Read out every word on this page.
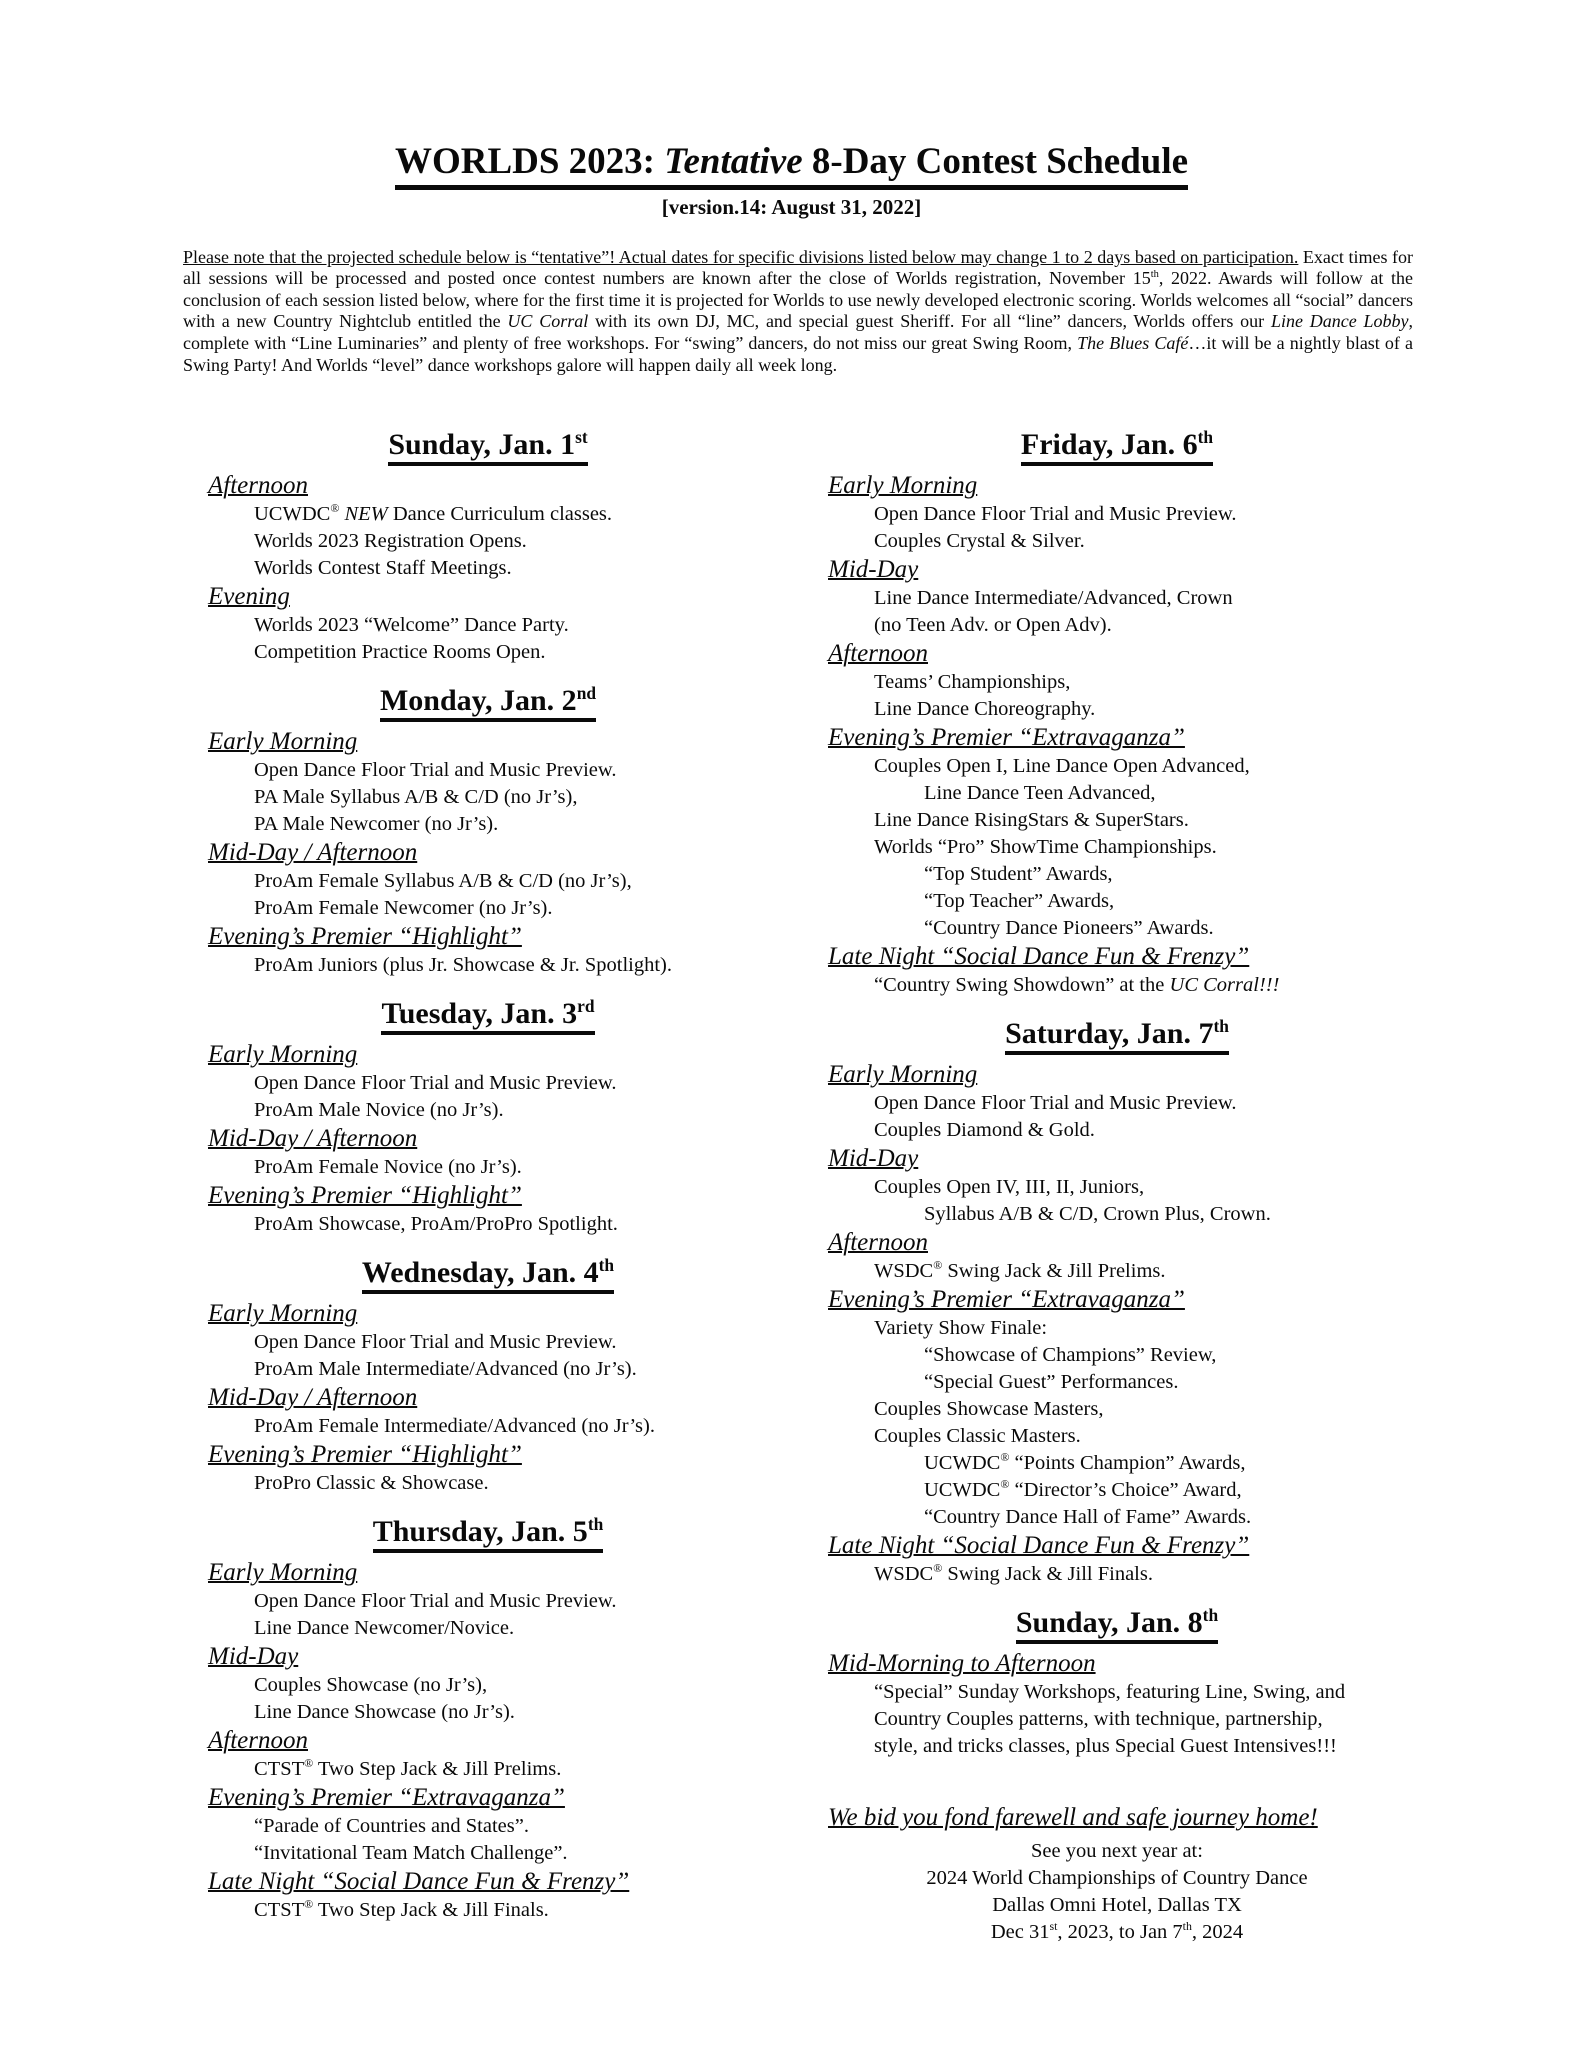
WORLDS 2023: Tentative 8-Day Contest Schedule
[version.14: August 31, 2022]

Please note that the projected schedule below is “tentative”! Actual dates for specific divisions listed below may change 1 to 2 days based on participation. Exact times for all sessions will be processed and posted once contest numbers are known after the close of Worlds registration, November 15th, 2022. Awards will follow at the conclusion of each session listed below, where for the first time it is projected for Worlds to use newly developed electronic scoring. Worlds welcomes all “social” dancers with a new Country Nightclub entitled the UC Corral with its own DJ, MC, and special guest Sheriff. For all “line” dancers, Worlds offers our Line Dance Lobby, complete with “Line Luminaries” and plenty of free workshops. For “swing” dancers, do not miss our great Swing Room, The Blues Café…it will be a nightly blast of a Swing Party! And Worlds “level” dance workshops galore will happen daily all week long.

Sunday, Jan. 1st
Afternoon
UCWDC® NEW Dance Curriculum classes.
Worlds 2023 Registration Opens.
Worlds Contest Staff Meetings.
Evening
Worlds 2023 “Welcome” Dance Party.
Competition Practice Rooms Open.
Monday, Jan. 2nd
Early Morning
Open Dance Floor Trial and Music Preview.
PA Male Syllabus A/B & C/D (no Jr’s),
PA Male Newcomer (no Jr’s).
Mid-Day / Afternoon
ProAm Female Syllabus A/B & C/D (no Jr’s),
ProAm Female Newcomer (no Jr’s).
Evening’s Premier “Highlight”
ProAm Juniors (plus Jr. Showcase & Jr. Spotlight).
Tuesday, Jan. 3rd
Early Morning
Open Dance Floor Trial and Music Preview.
ProAm Male Novice (no Jr’s).
Mid-Day / Afternoon
ProAm Female Novice (no Jr’s).
Evening’s Premier “Highlight”
ProAm Showcase, ProAm/ProPro Spotlight.
Wednesday, Jan. 4th
Early Morning
Open Dance Floor Trial and Music Preview.
ProAm Male Intermediate/Advanced (no Jr’s).
Mid-Day / Afternoon
ProAm Female Intermediate/Advanced (no Jr’s).
Evening’s Premier “Highlight”
ProPro Classic & Showcase.
Thursday, Jan. 5th
Early Morning
Open Dance Floor Trial and Music Preview.
Line Dance Newcomer/Novice.
Mid-Day
Couples Showcase (no Jr’s),
Line Dance Showcase (no Jr’s).
Afternoon
CTST® Two Step Jack & Jill Prelims.
Evening’s Premier “Extravaganza”
“Parade of Countries and States”.
“Invitational Team Match Challenge”.
Late Night “Social Dance Fun & Frenzy”
CTST® Two Step Jack & Jill Finals.
Friday, Jan. 6th
Early Morning
Open Dance Floor Trial and Music Preview.
Couples Crystal & Silver.
Mid-Day
Line Dance Intermediate/Advanced, Crown
(no Teen Adv. or Open Adv).
Afternoon
Teams’ Championships,
Line Dance Choreography.
Evening’s Premier “Extravaganza”
Couples Open I, Line Dance Open Advanced,
Line Dance Teen Advanced,
Line Dance RisingStars & SuperStars.
Worlds “Pro” ShowTime Championships.
“Top Student” Awards,
“Top Teacher” Awards,
“Country Dance Pioneers” Awards.
Late Night “Social Dance Fun & Frenzy”
“Country Swing Showdown” at the UC Corral!!!
Saturday, Jan. 7th
Early Morning
Open Dance Floor Trial and Music Preview.
Couples Diamond & Gold.
Mid-Day
Couples Open IV, III, II, Juniors,
Syllabus A/B & C/D, Crown Plus, Crown.
Afternoon
WSDC® Swing Jack & Jill Prelims.
Evening’s Premier “Extravaganza”
Variety Show Finale:
“Showcase of Champions” Review,
“Special Guest” Performances.
Couples Showcase Masters,
Couples Classic Masters.
UCWDC® “Points Champion” Awards,
UCWDC® “Director’s Choice” Award,
“Country Dance Hall of Fame” Awards.
Late Night “Social Dance Fun & Frenzy”
WSDC® Swing Jack & Jill Finals.
Sunday, Jan. 8th
Mid-Morning to Afternoon
“Special” Sunday Workshops, featuring Line, Swing, and
Country Couples patterns, with technique, partnership,
style, and tricks classes, plus Special Guest Intensives!!!
We bid you fond farewell and safe journey home!
See you next year at:
2024 World Championships of Country Dance
Dallas Omni Hotel, Dallas TX
Dec 31st, 2023, to Jan 7th, 2024
